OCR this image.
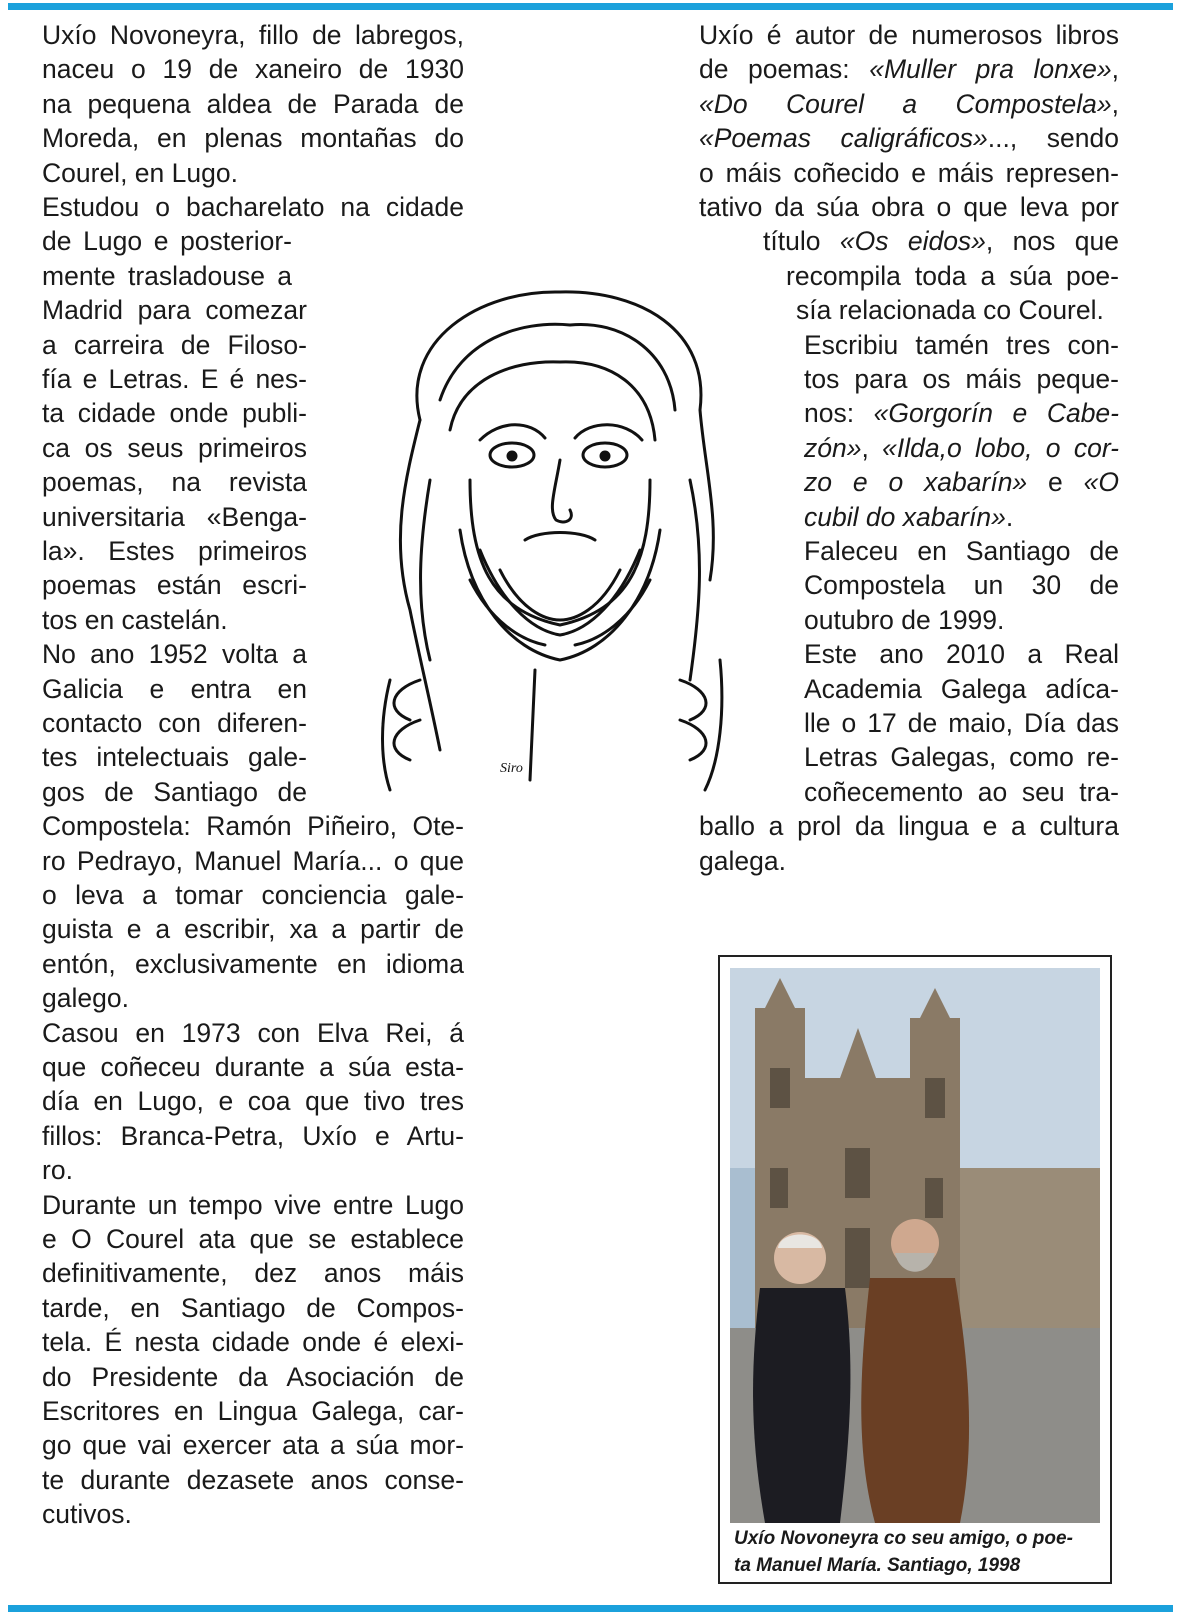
Uxío Novoneyra, fillo de labregos,
naceu o 19 de xaneiro de 1930
na pequena aldea de Parada de
Moreda, en plenas montañas do
Courel, en Lugo.
Estudou o bacharelato na cidade
de Lugo e posterior-
mente trasladouse a
Madrid para comezar
a carreira de Filoso-
fía e Letras. E é nes-
ta cidade onde publi-
ca os seus primeiros
poemas, na revista
universitaria «Benga-
la». Estes primeiros
poemas están escri-
tos en castelán.
No ano 1952 volta a
Galicia e entra en
contacto con diferen-
tes intelectuais gale-
gos de Santiago de
Compostela: Ramón Piñeiro, Ote-
ro Pedrayo, Manuel María... o que
o leva a tomar conciencia gale-
guista e a escribir, xa a partir de
entón, exclusivamente en idioma
galego.
Casou en 1973 con Elva Rei, á
que coñeceu durante a súa esta-
día en Lugo, e coa que tivo tres
fillos: Branca-Petra, Uxío e Artu-
ro.
Durante un tempo vive entre Lugo
e O Courel ata que se establece
definitivamente, dez anos máis
tarde, en Santiago de Compos-
tela. É nesta cidade onde é elexi-
do Presidente da Asociación de
Escritores en Lingua Galega, car-
go que vai exercer ata a súa mor-
te durante dezasete anos conse-
cutivos.
Uxío é autor de numerosos libros
de poemas: «Muller pra lonxe»,
«Do Courel a Compostela»,
«Poemas caligráficos»..., sendo
o máis coñecido e máis represen-
tativo da súa obra o que leva por
título «Os eidos», nos que
recompila toda a súa poe-
sía relacionada co Courel.
Escribiu tamén tres con-
tos para os máis peque-
nos: «Gorgorín e Cabe-
zón», «Ilda,o lobo, o cor-
zo e o xabarín» e «O
cubil do xabarín».
Faleceu en Santiago de
Compostela un 30 de
outubro de 1999.
Este ano 2010 a Real
Academia Galega adíca-
lle o 17 de maio, Día das
Letras Galegas, como re-
coñecemento ao seu tra-
ballo a prol da lingua e a cultura
galega.
Siro
Uxío Novoneyra co seu amigo, o poe-
ta Manuel María. Santiago, 1998
